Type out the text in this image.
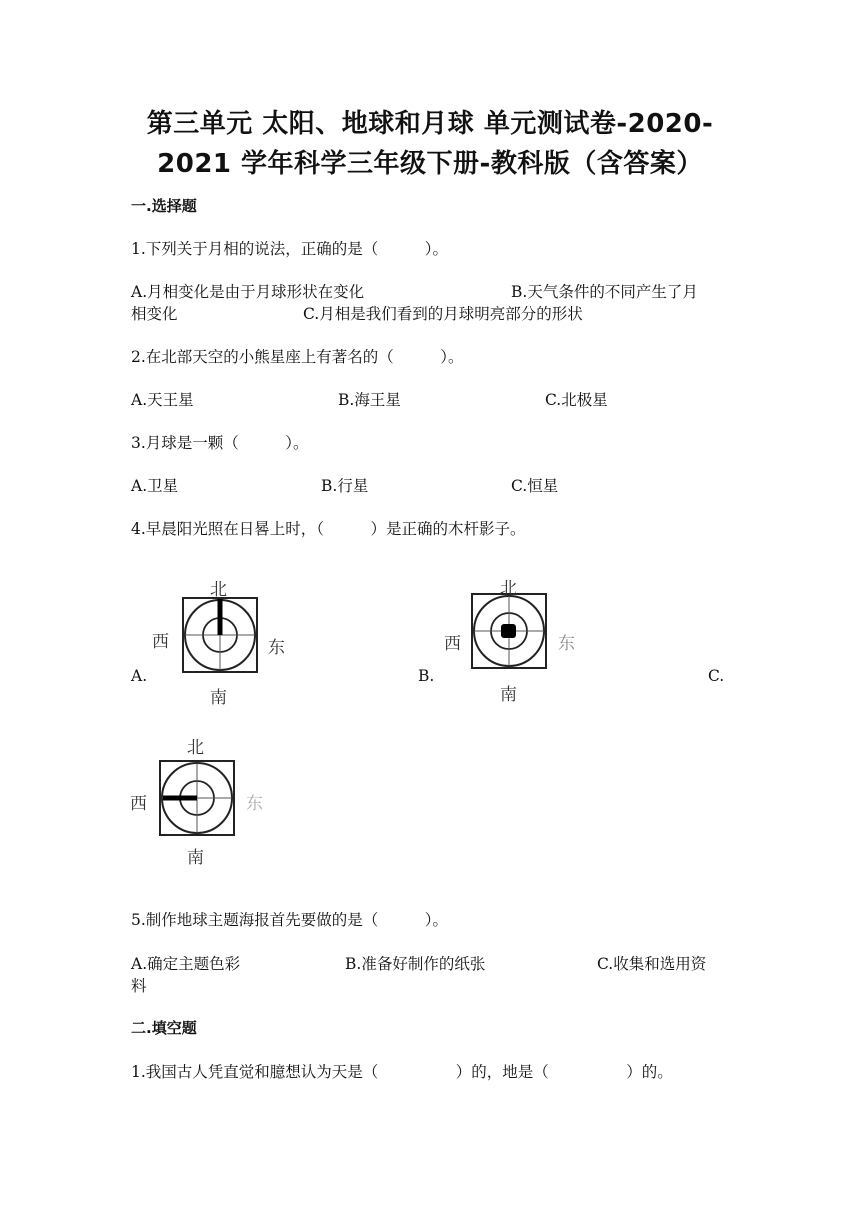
第三单元 太阳、地球和月球 单元测试卷-2020-
2021 学年科学三年级下册-教科版（含答案）
一.选择题
1.下列关于月相的说法，正确的是（　　　）。
A.月相变化是由于月球形状在变化	B.天气条件的不同产生了月
相变化	C.月相是我们看到的月球明亮部分的形状
2.在北部天空的小熊星座上有著名的（　　　）。
A.天王星	B.海王星	C.北极星
3.月球是一颗（　　　）。
A.卫星	B.行星	C.恒星
4.早晨阳光照在日晷上时，（　　　）是正确的木杆影子。
A.	B.	C.
北
西	东
南
北
西	东
南
北
西	东
南
5.制作地球主题海报首先要做的是（　　　）。
A.确定主题色彩	B.准备好制作的纸张	C.收集和选用资
料
二.填空题
1.我国古人凭直觉和臆想认为天是（　　　　　）的，地是（　　　　　）的。
